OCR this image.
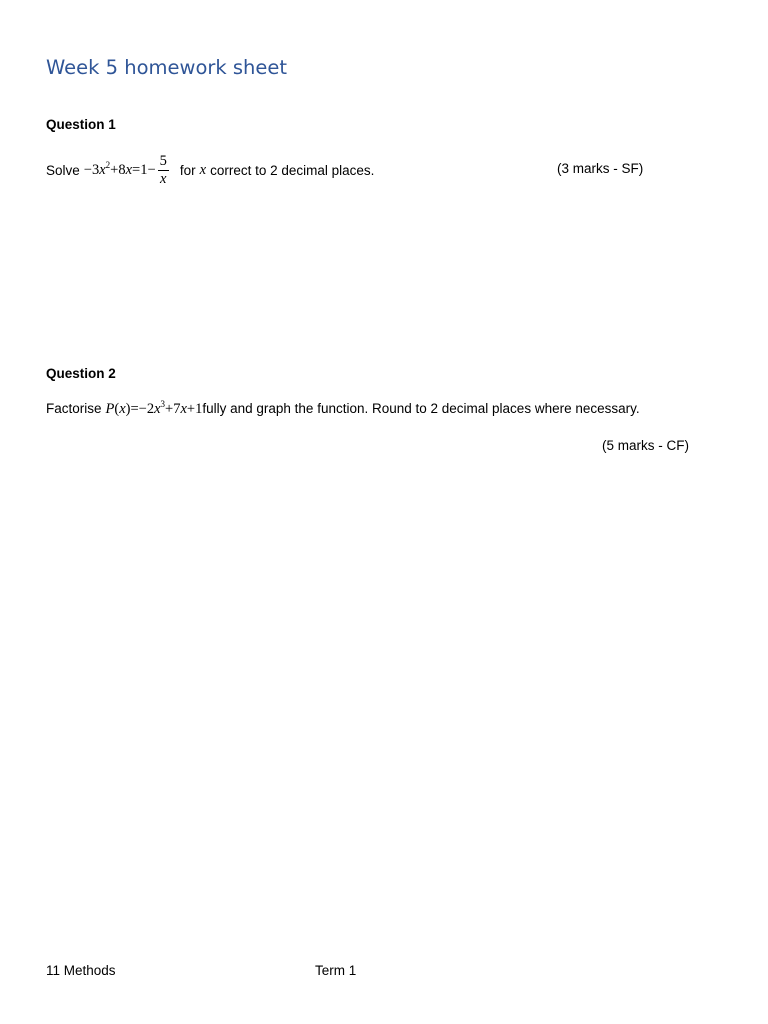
Week 5 homework sheet
Question 1
Solve $-3x^2+8x=1- \frac{5}{x}$ for x correct to 2 decimal places.	(3 marks - SF)
Question 2
Factorise $P(x)=-2x^3+7x+1$ fully and graph the function. Round to 2 decimal places where necessary.
(5 marks - CF)
11 Methods	Term 1
